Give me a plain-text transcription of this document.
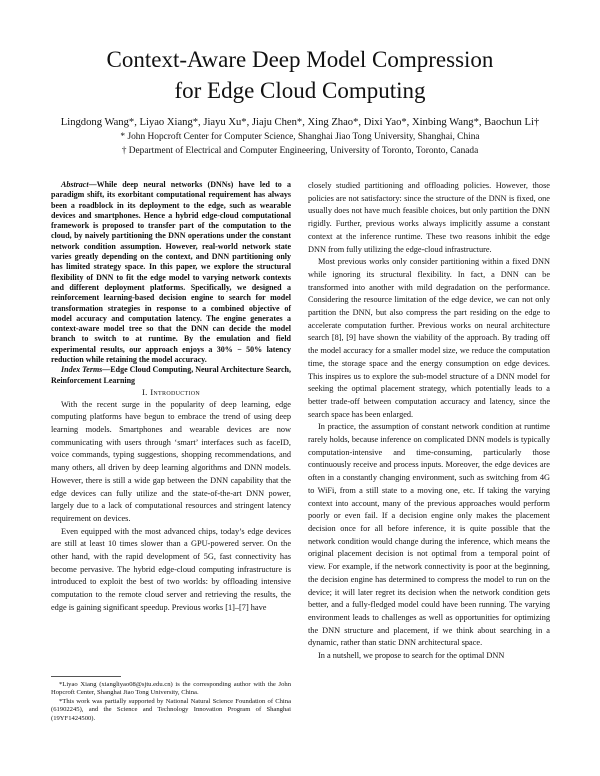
Context-Aware Deep Model Compression
for Edge Cloud Computing
Lingdong Wang*, Liyao Xiang*, Jiayu Xu*, Jiaju Chen*, Xing Zhao*, Dixi Yao*, Xinbing Wang*, Baochun Li†
* John Hopcroft Center for Computer Science, Shanghai Jiao Tong University, Shanghai, China
† Department of Electrical and Computer Engineering, University of Toronto, Toronto, Canada

Abstract—While deep neural networks (DNNs) have led to a paradigm shift, its exorbitant computational requirement has always been a roadblock in its deployment to the edge, such as wearable devices and smartphones. Hence a hybrid edge-cloud computational framework is proposed to transfer part of the computation to the cloud, by naively partitioning the DNN operations under the constant network condition assumption. However, real-world network state varies greatly depending on the context, and DNN partitioning only has limited strategy space. In this paper, we explore the structural flexibility of DNN to fit the edge model to varying network contexts and different deployment platforms. Specifically, we designed a reinforcement learning-based decision engine to search for model transformation strategies in response to a combined objective of model accuracy and computation latency. The engine generates a context-aware model tree so that the DNN can decide the model branch to switch to at runtime. By the emulation and field experimental results, our approach enjoys a 30% − 50% latency reduction while retaining the model accuracy.

Index Terms—Edge Cloud Computing, Neural Architecture Search, Reinforcement Learning

I. Introduction

With the recent surge in the popularity of deep learning, edge computing platforms have begun to embrace the trend of using deep learning models. Smartphones and wearable devices are now communicating with users through ‘smart’ interfaces such as faceID, voice commands, typing suggestions, shopping recommendations, and many others, all driven by deep learning algorithms and DNN models. However, there is still a wide gap between the DNN capability that the edge devices can fully utilize and the state-of-the-art DNN power, largely due to a lack of computational resources and stringent latency requirement on devices.

Even equipped with the most advanced chips, today’s edge devices are still at least 10 times slower than a GPU-powered server. On the other hand, with the rapid development of 5G, fast connectivity has become pervasive. The hybrid edge-cloud computing infrastructure is introduced to exploit the best of two worlds: by offloading intensive computation to the remote cloud server and retrieving the results, the edge is gaining significant speedup. Previous works [1]–[7] have

*Liyao Xiang (xiangliyao08@sjtu.edu.cn) is the corresponding author with the John Hopcroft Center, Shanghai Jiao Tong University, China.

*This work was partially supported by National Natural Science Foundation of China (61902245), and the Science and Technology Innovation Program of Shanghai (19YF1424500).

closely studied partitioning and offloading policies. However, those policies are not satisfactory: since the structure of the DNN is fixed, one usually does not have much feasible choices, but only partition the DNN rigidly. Further, previous works always implicitly assume a constant context at the inference runtime. These two reasons inhibit the edge DNN from fully utilizing the edge-cloud infrastructure.

Most previous works only consider partitioning within a fixed DNN while ignoring its structural flexibility. In fact, a DNN can be transformed into another with mild degradation on the performance. Considering the resource limitation of the edge device, we can not only partition the DNN, but also compress the part residing on the edge to accelerate computation further. Previous works on neural architecture search [8], [9] have shown the viability of the approach. By trading off the model accuracy for a smaller model size, we reduce the computation time, the storage space and the energy consumption on edge devices. This inspires us to explore the sub-model structure of a DNN model for seeking the optimal placement strategy, which potentially leads to a better trade-off between computation accuracy and latency, since the search space has been enlarged.

In practice, the assumption of constant network condition at runtime rarely holds, because inference on complicated DNN models is typically computation-intensive and time-consuming, particularly those continuously receive and process inputs. Moreover, the edge devices are often in a constantly changing environment, such as switching from 4G to WiFi, from a still state to a moving one, etc. If taking the varying context into account, many of the previous approaches would perform poorly or even fail. If a decision engine only makes the placement decision once for all before inference, it is quite possible that the network condition would change during the inference, which means the original placement decision is not optimal from a temporal point of view. For example, if the network connectivity is poor at the beginning, the decision engine has determined to compress the model to run on the device; it will later regret its decision when the network condition gets better, and a fully-fledged model could have been running. The varying environment leads to challenges as well as opportunities for optimizing the DNN structure and placement, if we think about searching in a dynamic, rather than static DNN architectural space.

In a nutshell, we propose to search for the optimal DNN
